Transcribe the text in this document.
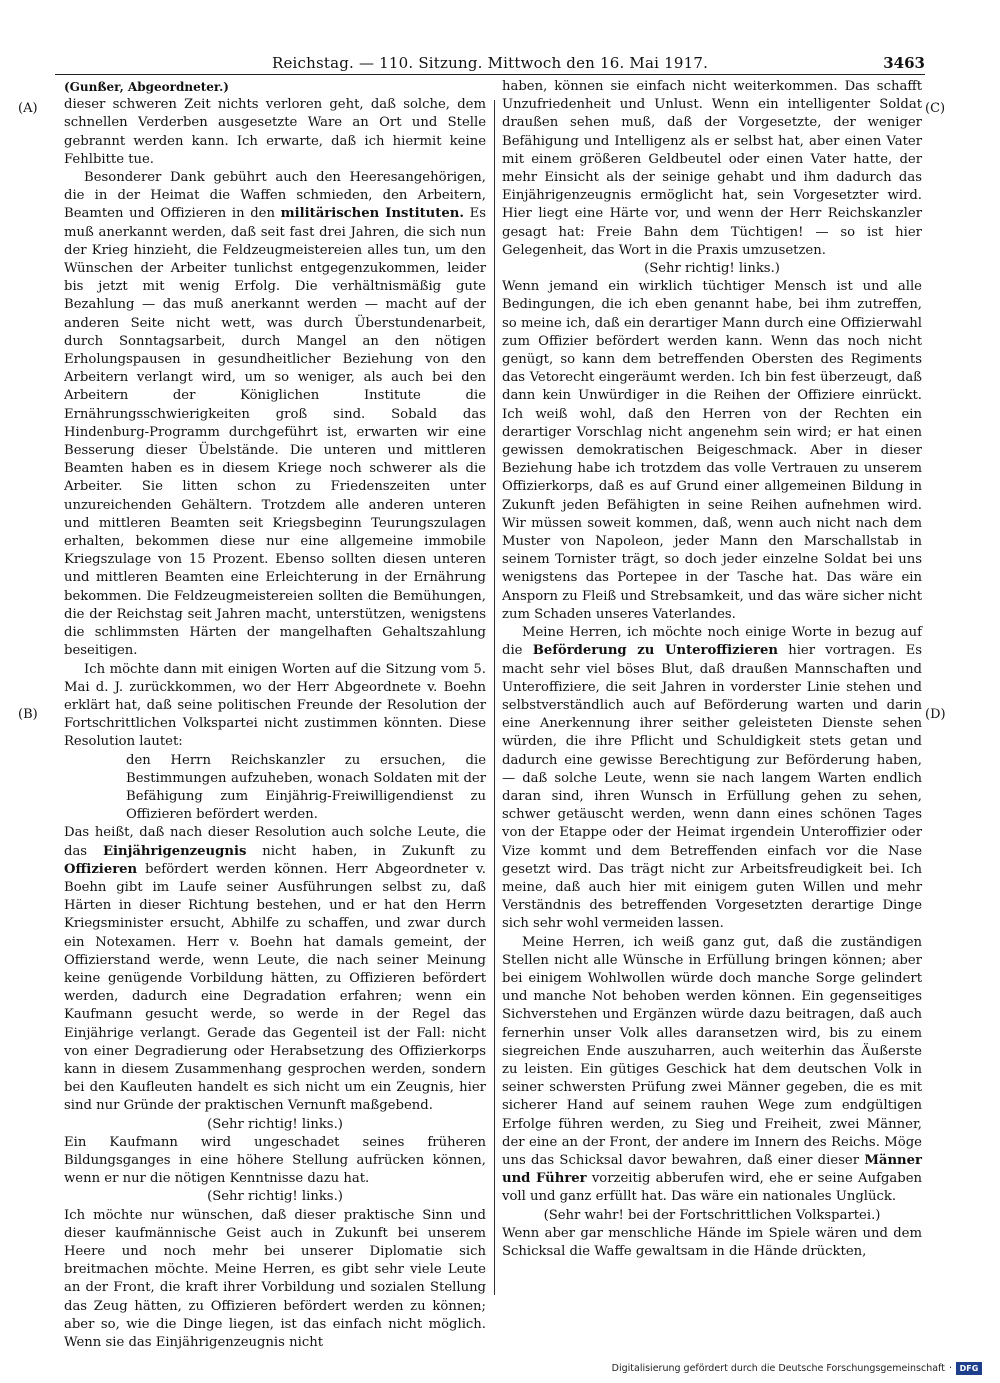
Reichstag. — 110. Sitzung. Mittwoch den 16. Mai 1917.	3463
(A)
(B)
(C)
(D)

(Gunßer, Abgeordneter.)

dieser schweren Zeit nichts verloren geht, daß solche, dem schnellen Verderben ausgesetzte Ware an Ort und Stelle gebrannt werden kann. Ich erwarte, daß ich hiermit keine Fehlbitte tue.

Besonderer Dank gebührt auch den Heeresangehörigen, die in der Heimat die Waffen schmieden, den Arbeitern, Beamten und Offizieren in den militärischen Instituten. Es muß anerkannt werden, daß seit fast drei Jahren, die sich nun der Krieg hinzieht, die Feldzeugmeistereien alles tun, um den Wünschen der Arbeiter tunlichst entgegenzukommen, leider bis jetzt mit wenig Erfolg. Die verhältnismäßig gute Bezahlung — das muß anerkannt werden — macht auf der anderen Seite nicht wett, was durch Überstundenarbeit, durch Sonntagsarbeit, durch Mangel an den nötigen Erholungspausen in gesundheitlicher Beziehung von den Arbeitern verlangt wird, um so weniger, als auch bei den Arbeitern der Königlichen Institute die Ernährungsschwierigkeiten groß sind. Sobald das Hindenburg-Programm durchgeführt ist, erwarten wir eine Besserung dieser Übelstände. Die unteren und mittleren Beamten haben es in diesem Kriege noch schwerer als die Arbeiter. Sie litten schon zu Friedenszeiten unter unzureichenden Gehältern. Trotzdem alle anderen unteren und mittleren Beamten seit Kriegsbeginn Teurungszulagen erhalten, bekommen diese nur eine allgemeine immobile Kriegszulage von 15 Prozent. Ebenso sollten diesen unteren und mittleren Beamten eine Erleichterung in der Ernährung bekommen. Die Feldzeugmeistereien sollten die Bemühungen, die der Reichstag seit Jahren macht, unterstützen, wenigstens die schlimmsten Härten der mangelhaften Gehaltszahlung beseitigen.

Ich möchte dann mit einigen Worten auf die Sitzung vom 5. Mai d. J. zurückkommen, wo der Herr Abgeordnete v. Boehn erklärt hat, daß seine politischen Freunde der Resolution der Fortschrittlichen Volkspartei nicht zustimmen könnten. Diese Resolution lautet:

den Herrn Reichskanzler zu ersuchen, die Bestimmungen aufzuheben, wonach Soldaten mit der Befähigung zum Einjährig-Freiwilligendienst zu Offizieren befördert werden.

Das heißt, daß nach dieser Resolution auch solche Leute, die das Einjährigenzeugnis nicht haben, in Zukunft zu Offizieren befördert werden können. Herr Abgeordneter v. Boehn gibt im Laufe seiner Ausführungen selbst zu, daß Härten in dieser Richtung bestehen, und er hat den Herrn Kriegsminister ersucht, Abhilfe zu schaffen, und zwar durch ein Notexamen. Herr v. Boehn hat damals gemeint, der Offizierstand werde, wenn Leute, die nach seiner Meinung keine genügende Vorbildung hätten, zu Offizieren befördert werden, dadurch eine Degradation erfahren; wenn ein Kaufmann gesucht werde, so werde in der Regel das Einjährige verlangt. Gerade das Gegenteil ist der Fall: nicht von einer Degradierung oder Herabsetzung des Offizierkorps kann in diesem Zusammenhang gesprochen werden, sondern bei den Kaufleuten handelt es sich nicht um ein Zeugnis, hier sind nur Gründe der praktischen Vernunft maßgebend.

(Sehr richtig! links.)

Ein Kaufmann wird ungeschadet seines früheren Bildungsganges in eine höhere Stellung aufrücken können, wenn er nur die nötigen Kenntnisse dazu hat.

(Sehr richtig! links.)

Ich möchte nur wünschen, daß dieser praktische Sinn und dieser kaufmännische Geist auch in Zukunft bei unserem Heere und noch mehr bei unserer Diplomatie sich breitmachen möchte. Meine Herren, es gibt sehr viele Leute an der Front, die kraft ihrer Vorbildung und sozialen Stellung das Zeug hätten, zu Offizieren befördert werden zu können; aber so, wie die Dinge liegen, ist das einfach nicht möglich. Wenn sie das Einjährigenzeugnis nicht

haben, können sie einfach nicht weiterkommen. Das schafft Unzufriedenheit und Unlust. Wenn ein intelligenter Soldat draußen sehen muß, daß der Vorgesetzte, der weniger Befähigung und Intelligenz als er selbst hat, aber einen Vater mit einem größeren Geldbeutel oder einen Vater hatte, der mehr Einsicht als der seinige gehabt und ihm dadurch das Einjährigenzeugnis ermöglicht hat, sein Vorgesetzter wird. Hier liegt eine Härte vor, und wenn der Herr Reichskanzler gesagt hat: Freie Bahn dem Tüchtigen! — so ist hier Gelegenheit, das Wort in die Praxis umzusetzen.

(Sehr richtig! links.)

Wenn jemand ein wirklich tüchtiger Mensch ist und alle Bedingungen, die ich eben genannt habe, bei ihm zutreffen, so meine ich, daß ein derartiger Mann durch eine Offizierwahl zum Offizier befördert werden kann. Wenn das noch nicht genügt, so kann dem betreffenden Obersten des Regiments das Vetorecht eingeräumt werden. Ich bin fest überzeugt, daß dann kein Unwürdiger in die Reihen der Offiziere einrückt. Ich weiß wohl, daß den Herren von der Rechten ein derartiger Vorschlag nicht angenehm sein wird; er hat einen gewissen demokratischen Beigeschmack. Aber in dieser Beziehung habe ich trotzdem das volle Vertrauen zu unserem Offizierkorps, daß es auf Grund einer allgemeinen Bildung in Zukunft jeden Befähigten in seine Reihen aufnehmen wird. Wir müssen soweit kommen, daß, wenn auch nicht nach dem Muster von Napoleon, jeder Mann den Marschallstab in seinem Tornister trägt, so doch jeder einzelne Soldat bei uns wenigstens das Portepee in der Tasche hat. Das wäre ein Ansporn zu Fleiß und Strebsamkeit, und das wäre sicher nicht zum Schaden unseres Vaterlandes.

Meine Herren, ich möchte noch einige Worte in bezug auf die Beförderung zu Unteroffizieren hier vortragen. Es macht sehr viel böses Blut, daß draußen Mannschaften und Unteroffiziere, die seit Jahren in vorderster Linie stehen und selbstverständlich auch auf Beförderung warten und darin eine Anerkennung ihrer seither geleisteten Dienste sehen würden, die ihre Pflicht und Schuldigkeit stets getan und dadurch eine gewisse Berechtigung zur Beförderung haben, — daß solche Leute, wenn sie nach langem Warten endlich daran sind, ihren Wunsch in Erfüllung gehen zu sehen, schwer getäuscht werden, wenn dann eines schönen Tages von der Etappe oder der Heimat irgendein Unteroffizier oder Vize kommt und dem Betreffenden einfach vor die Nase gesetzt wird. Das trägt nicht zur Arbeitsfreudigkeit bei. Ich meine, daß auch hier mit einigem guten Willen und mehr Verständnis des betreffenden Vorgesetzten derartige Dinge sich sehr wohl vermeiden lassen.

Meine Herren, ich weiß ganz gut, daß die zuständigen Stellen nicht alle Wünsche in Erfüllung bringen können; aber bei einigem Wohlwollen würde doch manche Sorge gelindert und manche Not behoben werden können. Ein gegenseitiges Sichverstehen und Ergänzen würde dazu beitragen, daß auch fernerhin unser Volk alles daransetzen wird, bis zu einem siegreichen Ende auszuharren, auch weiterhin das Äußerste zu leisten. Ein gütiges Geschick hat dem deutschen Volk in seiner schwersten Prüfung zwei Männer gegeben, die es mit sicherer Hand auf seinem rauhen Wege zum endgültigen Erfolge führen werden, zu Sieg und Freiheit, zwei Männer, der eine an der Front, der andere im Innern des Reichs. Möge uns das Schicksal davor bewahren, daß einer dieser Männer und Führer vorzeitig abberufen wird, ehe er seine Aufgaben voll und ganz erfüllt hat. Das wäre ein nationales Unglück.

(Sehr wahr! bei der Fortschrittlichen Volkspartei.)

Wenn aber gar menschliche Hände im Spiele wären und dem Schicksal die Waffe gewaltsam in die Hände drückten,

Digitalisierung gefördert durch die Deutsche Forschungsgemeinschaft · DFG
